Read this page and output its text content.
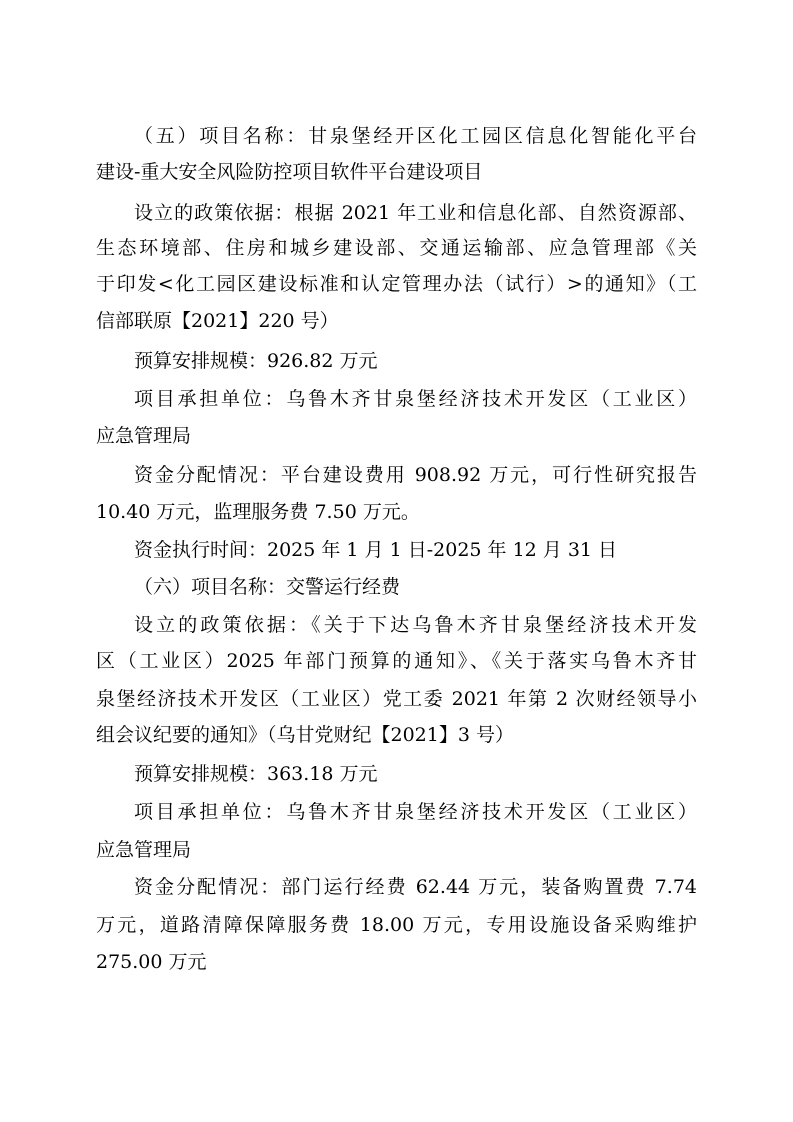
（五）项目名称：甘泉堡经开区化工园区信息化智能化平台
建设-重大安全风险防控项目软件平台建设项目
设立的政策依据：根据 2021 年工业和信息化部、自然资源部、
生态环境部、住房和城乡建设部、交通运输部、应急管理部《关
于印发<化工园区建设标准和认定管理办法（试行）>的通知》（工
信部联原【2021】220 号）
预算安排规模：926.82 万元
项目承担单位：乌鲁木齐甘泉堡经济技术开发区（工业区）
应急管理局
资金分配情况：平台建设费用 908.92 万元，可行性研究报告
10.40 万元，监理服务费 7.50 万元。
资金执行时间：2025 年 1 月 1 日-2025 年 12 月 31 日
（六）项目名称：交警运行经费
设立的政策依据：《关于下达乌鲁木齐甘泉堡经济技术开发
区（工业区）2025 年部门预算的通知》、《关于落实乌鲁木齐甘
泉堡经济技术开发区（工业区）党工委 2021 年第 2 次财经领导小
组会议纪要的通知》（乌甘党财纪【2021】3 号）
预算安排规模：363.18 万元
项目承担单位：乌鲁木齐甘泉堡经济技术开发区（工业区）
应急管理局
资金分配情况：部门运行经费 62.44 万元，装备购置费 7.74
万元，道路清障保障服务费 18.00 万元，专用设施设备采购维护
275.00 万元
